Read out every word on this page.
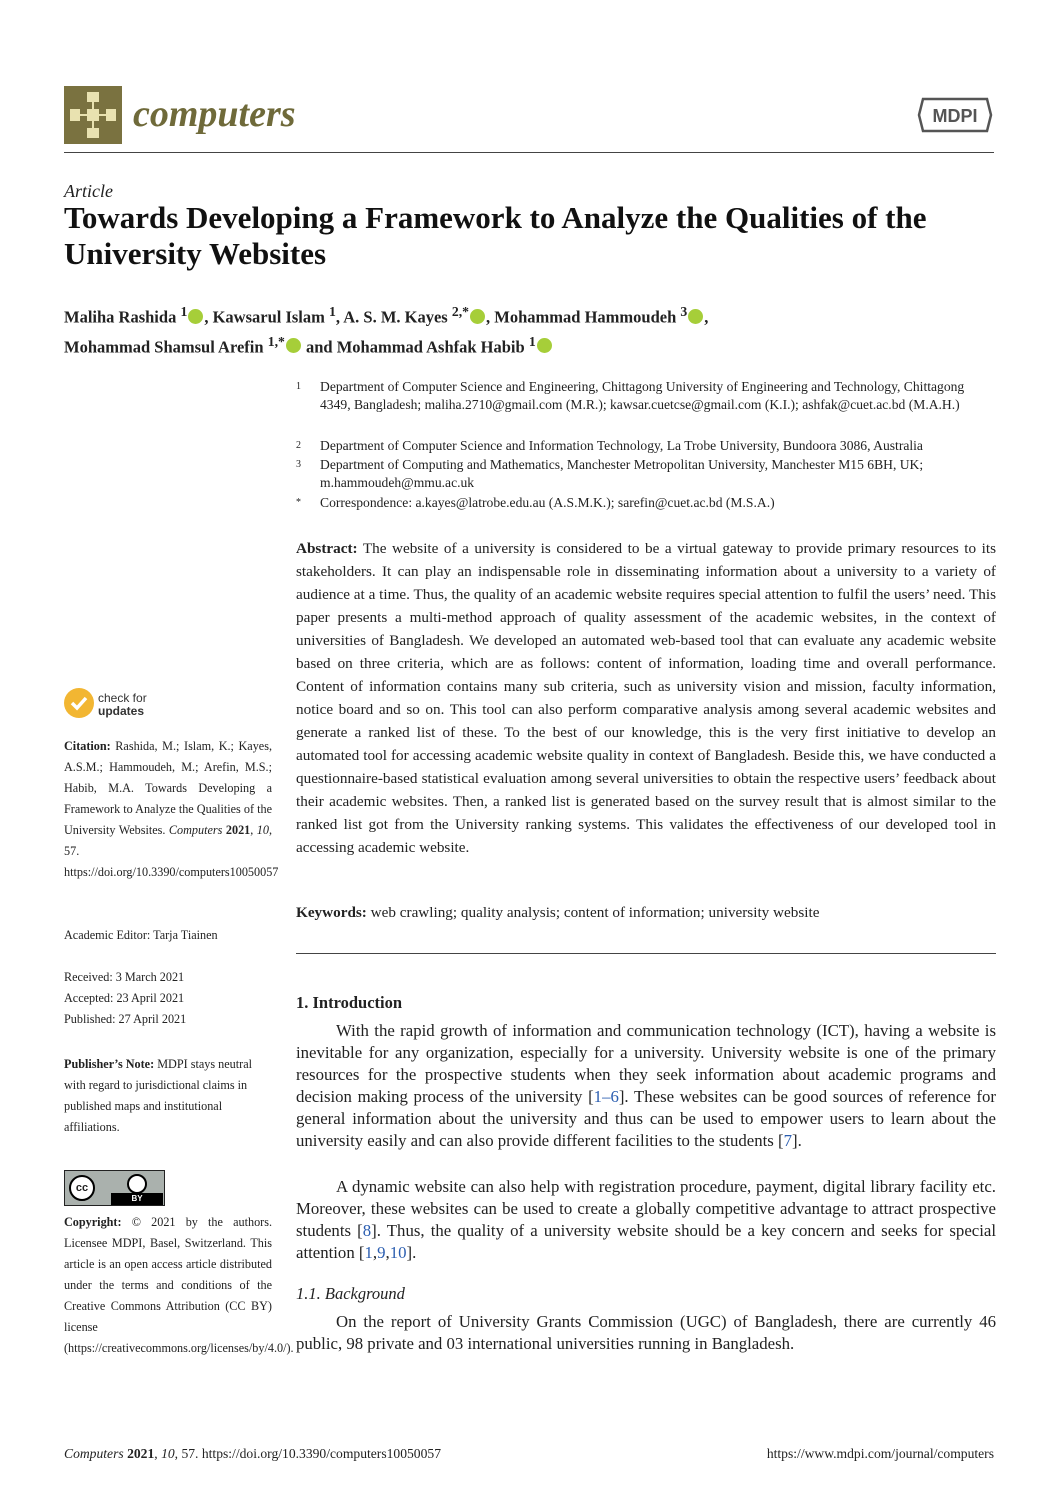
computers	MDPI
Article
Towards Developing a Framework to Analyze the Qualities of the University Websites
Maliha Rashida $^1$ , Kawsarul Islam $^1$, A. S. M. Kayes $^{2,*}$ , Mohammad Hammoudeh $^3$ ,
Mohammad Shamsul Arefin $^{1,*}$ and Mohammad Ashfak Habib $^1$
1 Department of Computer Science and Engineering, Chittagong University of Engineering and Technology, Chittagong 4349, Bangladesh; maliha.2710@gmail.com (M.R.); kawsar.cuetcse@gmail.com (K.I.); ashfak@cuet.ac.bd (M.A.H.)
2 Department of Computer Science and Information Technology, La Trobe University, Bundoora 3086, Australia
3 Department of Computing and Mathematics, Manchester Metropolitan University, Manchester M15 6BH, UK; m.hammoudeh@mmu.ac.uk
* Correspondence: a.kayes@latrobe.edu.au (A.S.M.K.); sarefin@cuet.ac.bd (M.S.A.)
Abstract: The website of a university is considered to be a virtual gateway to provide primary resources to its stakeholders. It can play an indispensable role in disseminating information about a university to a variety of audience at a time. Thus, the quality of an academic website requires special attention to fulfil the users’ need. This paper presents a multi-method approach of quality assessment of the academic websites, in the context of universities of Bangladesh. We developed an automated web-based tool that can evaluate any academic website based on three criteria, which are as follows: content of information, loading time and overall performance. Content of information contains many sub criteria, such as university vision and mission, faculty information, notice board and so on. This tool can also perform comparative analysis among several academic websites and generate a ranked list of these. To the best of our knowledge, this is the very first initiative to develop an automated tool for accessing academic website quality in context of Bangladesh. Beside this, we have conducted a questionnaire-based statistical evaluation among several universities to obtain the respective users’ feedback about their academic websites. Then, a ranked list is generated based on the survey result that is almost similar to the ranked list got from the University ranking systems. This validates the effectiveness of our developed tool in accessing academic website.
Keywords: web crawling; quality analysis; content of information; university website
check for
updates
Citation: Rashida, M.; Islam, K.; Kayes, A.S.M.; Hammoudeh, M.; Arefin, M.S.; Habib, M.A. Towards Developing a Framework to Analyze the Qualities of the University Websites. Computers 2021, 10, 57. https://doi.org/10.3390/computers10050057
Academic Editor: Tarja Tiainen
Received: 3 March 2021
Accepted: 23 April 2021
Published: 27 April 2021
Publisher’s Note: MDPI stays neutral with regard to jurisdictional claims in published maps and institutional affiliations.
cc
BY
Copyright: © 2021 by the authors. Licensee MDPI, Basel, Switzerland. This article is an open access article distributed under the terms and conditions of the Creative Commons Attribution (CC BY) license (https://creativecommons.org/licenses/by/4.0/).
1. Introduction
With the rapid growth of information and communication technology (ICT), having a website is inevitable for any organization, especially for a university. University website is one of the primary resources for the prospective students when they seek information about academic programs and decision making process of the university [1–6]. These websites can be good sources of reference for general information about the university and thus can be used to empower users to learn about the university easily and can also provide different facilities to the students [7].
A dynamic website can also help with registration procedure, payment, digital library facility etc. Moreover, these websites can be used to create a globally competitive advantage to attract prospective students [8]. Thus, the quality of a university website should be a key concern and seeks for special attention [1,9,10].
1.1. Background
On the report of University Grants Commission (UGC) of Bangladesh, there are currently 46 public, 98 private and 03 international universities running in Bangladesh.
Computers 2021, 10, 57. https://doi.org/10.3390/computers10050057	https://www.mdpi.com/journal/computers
